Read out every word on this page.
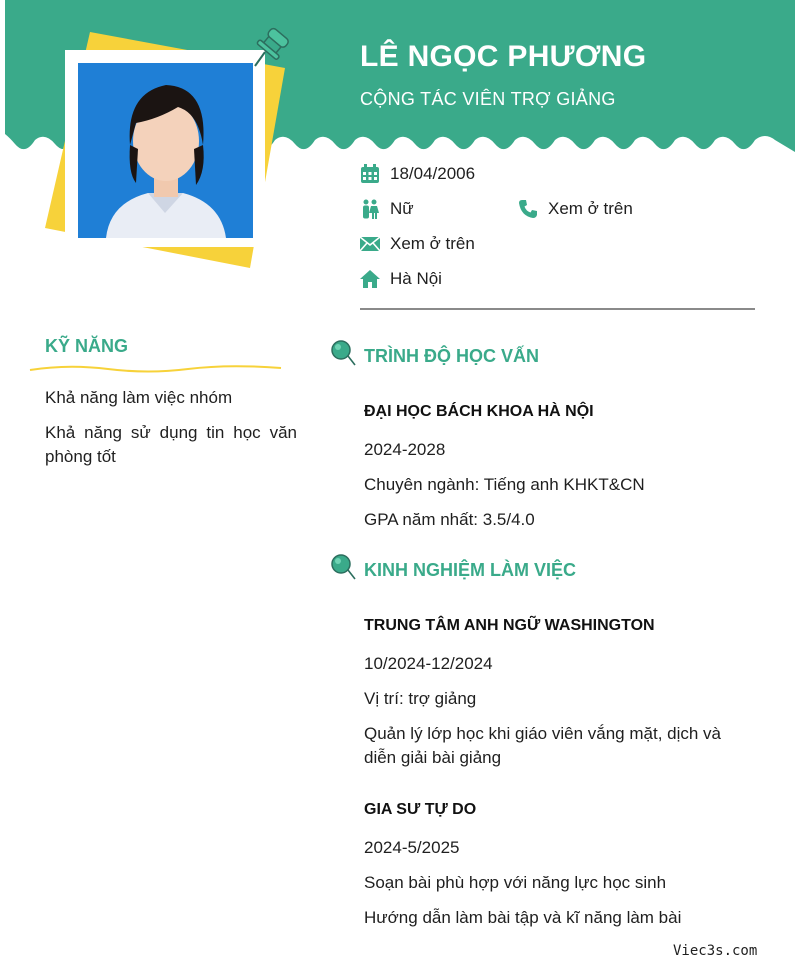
LÊ NGỌC PHƯƠNG
CỘNG TÁC VIÊN TRỢ GIẢNG
18/04/2006
Nữ	Xem ở trên
Xem ở trên
Hà Nội
KỸ NĂNG
Khả năng làm việc nhóm
Khả năng sử dụng tin học văn phòng tốt
TRÌNH ĐỘ HỌC VẤN
ĐẠI HỌC BÁCH KHOA HÀ NỘI
2024-2028
Chuyên ngành: Tiếng anh KHKT&CN
GPA năm nhất: 3.5/4.0
KINH NGHIỆM LÀM VIỆC
TRUNG TÂM ANH NGỮ WASHINGTON
10/2024-12/2024
Vị trí: trợ giảng
Quản lý lớp học khi giáo viên vắng mặt, dịch và diễn giải bài giảng
GIA SƯ TỰ DO
2024-5/2025
Soạn bài phù hợp với năng lực học sinh
Hướng dẫn làm bài tập và kĩ năng làm bài
Viec3s.com
